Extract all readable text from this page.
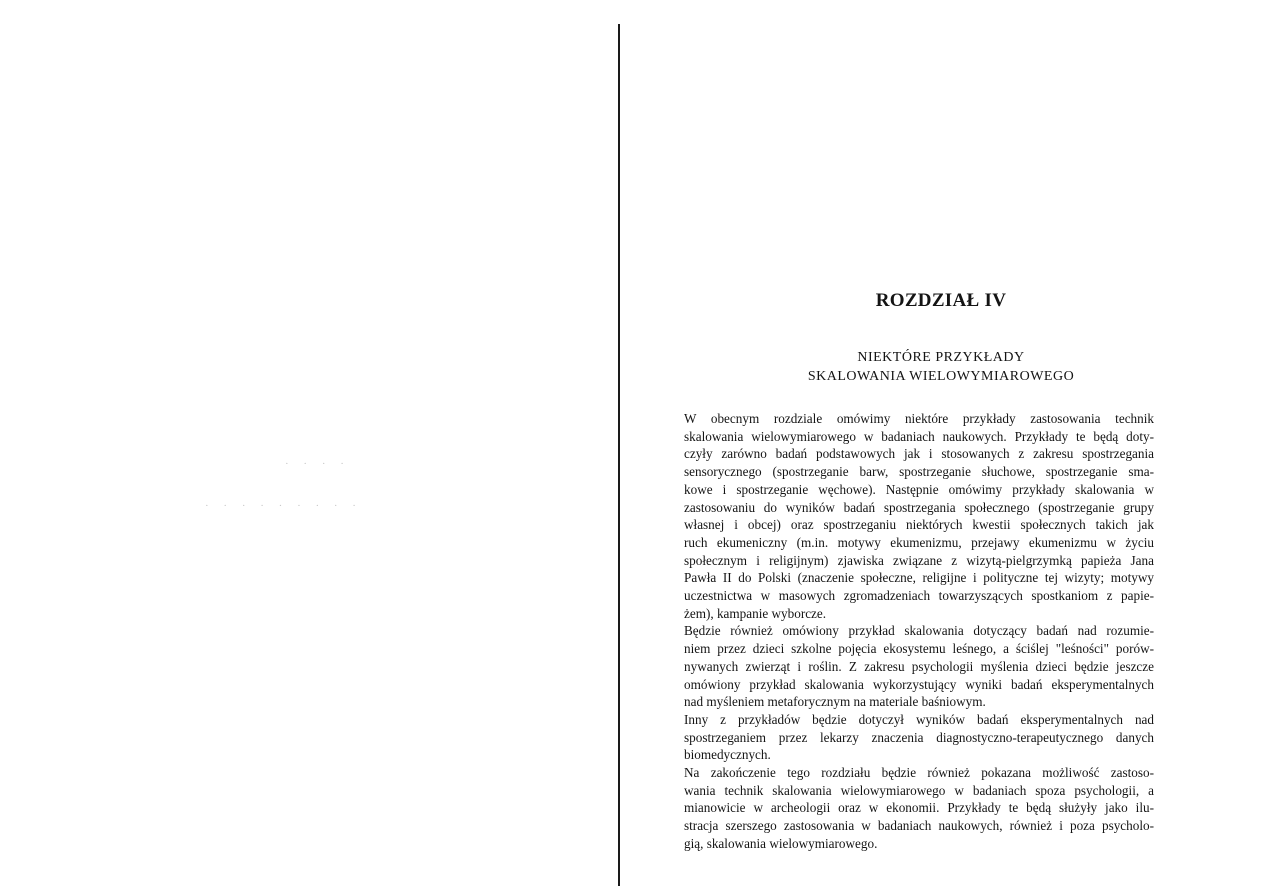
· · · ·
· · · · · · · · ·
ROZDZIAŁ IV
NIEKTÓRE PRZYKŁADY
SKALOWANIA WIELOWYMIAROWEGO

W obecnym rozdziale omówimy niektóre przykłady zastosowania technik
skalowania wielowymiarowego w badaniach naukowych. Przykłady te będą doty-
czyły zarówno badań podstawowych jak i stosowanych z zakresu spostrzegania
sensorycznego (spostrzeganie barw, spostrzeganie słuchowe, spostrzeganie sma-
kowe i spostrzeganie węchowe). Następnie omówimy przykłady skalowania w
zastosowaniu do wyników badań spostrzegania społecznego (spostrzeganie grupy
własnej i obcej) oraz spostrzeganiu niektórych kwestii społecznych takich jak
ruch ekumeniczny (m.in. motywy ekumenizmu, przejawy ekumenizmu w życiu
społecznym i religijnym) zjawiska związane z wizytą-pielgrzymką papieża Jana
Pawła II do Polski (znaczenie społeczne, religijne i polityczne tej wizyty; motywy
uczestnictwa w masowych zgromadzeniach towarzyszących spostkaniom z papie-
żem), kampanie wyborcze.

Będzie również omówiony przykład skalowania dotyczący badań nad rozumie-
niem przez dzieci szkolne pojęcia ekosystemu leśnego, a ściślej "leśności" porów-
nywanych zwierząt i roślin. Z zakresu psychologii myślenia dzieci będzie jeszcze
omówiony przykład skalowania wykorzystujący wyniki badań eksperymentalnych
nad myśleniem metaforycznym na materiale baśniowym.

Inny z przykładów będzie dotyczył wyników badań eksperymentalnych nad
spostrzeganiem przez lekarzy znaczenia diagnostyczno-terapeutycznego danych
biomedycznych.

Na zakończenie tego rozdziału będzie również pokazana możliwość zastoso-
wania technik skalowania wielowymiarowego w badaniach spoza psychologii, a
mianowicie w archeologii oraz w ekonomii. Przykłady te będą służyły jako ilu-
stracja szerszego zastosowania w badaniach naukowych, również i poza psycholo-
gią, skalowania wielowymiarowego.
